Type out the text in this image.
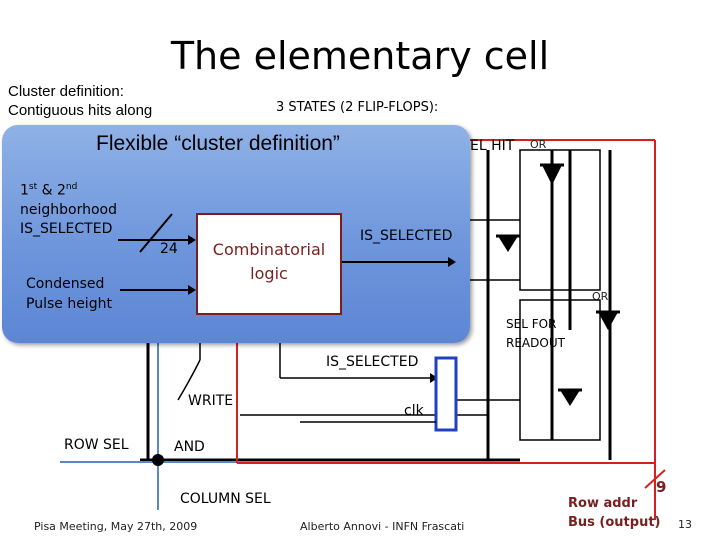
The elementary cell
Cluster definition:
Contiguous hits along	3 STATES (2 FLIP-FLOPS):
EL HIT OR
OR
SEL FOR
READOUT
IS_SELECTED
WRITE
clk
ROW SEL	AND
COLUMN SEL	Row addr
Bus (output)
9
Flexible “cluster definition”
1st & 2nd
neighborhood
IS_SELECTED
24	Combinatorial
logic
IS_SELECTED
Condensed
Pulse height
Pisa Meeting, May 27th, 2009	Alberto Annovi - INFN Frascati	13
